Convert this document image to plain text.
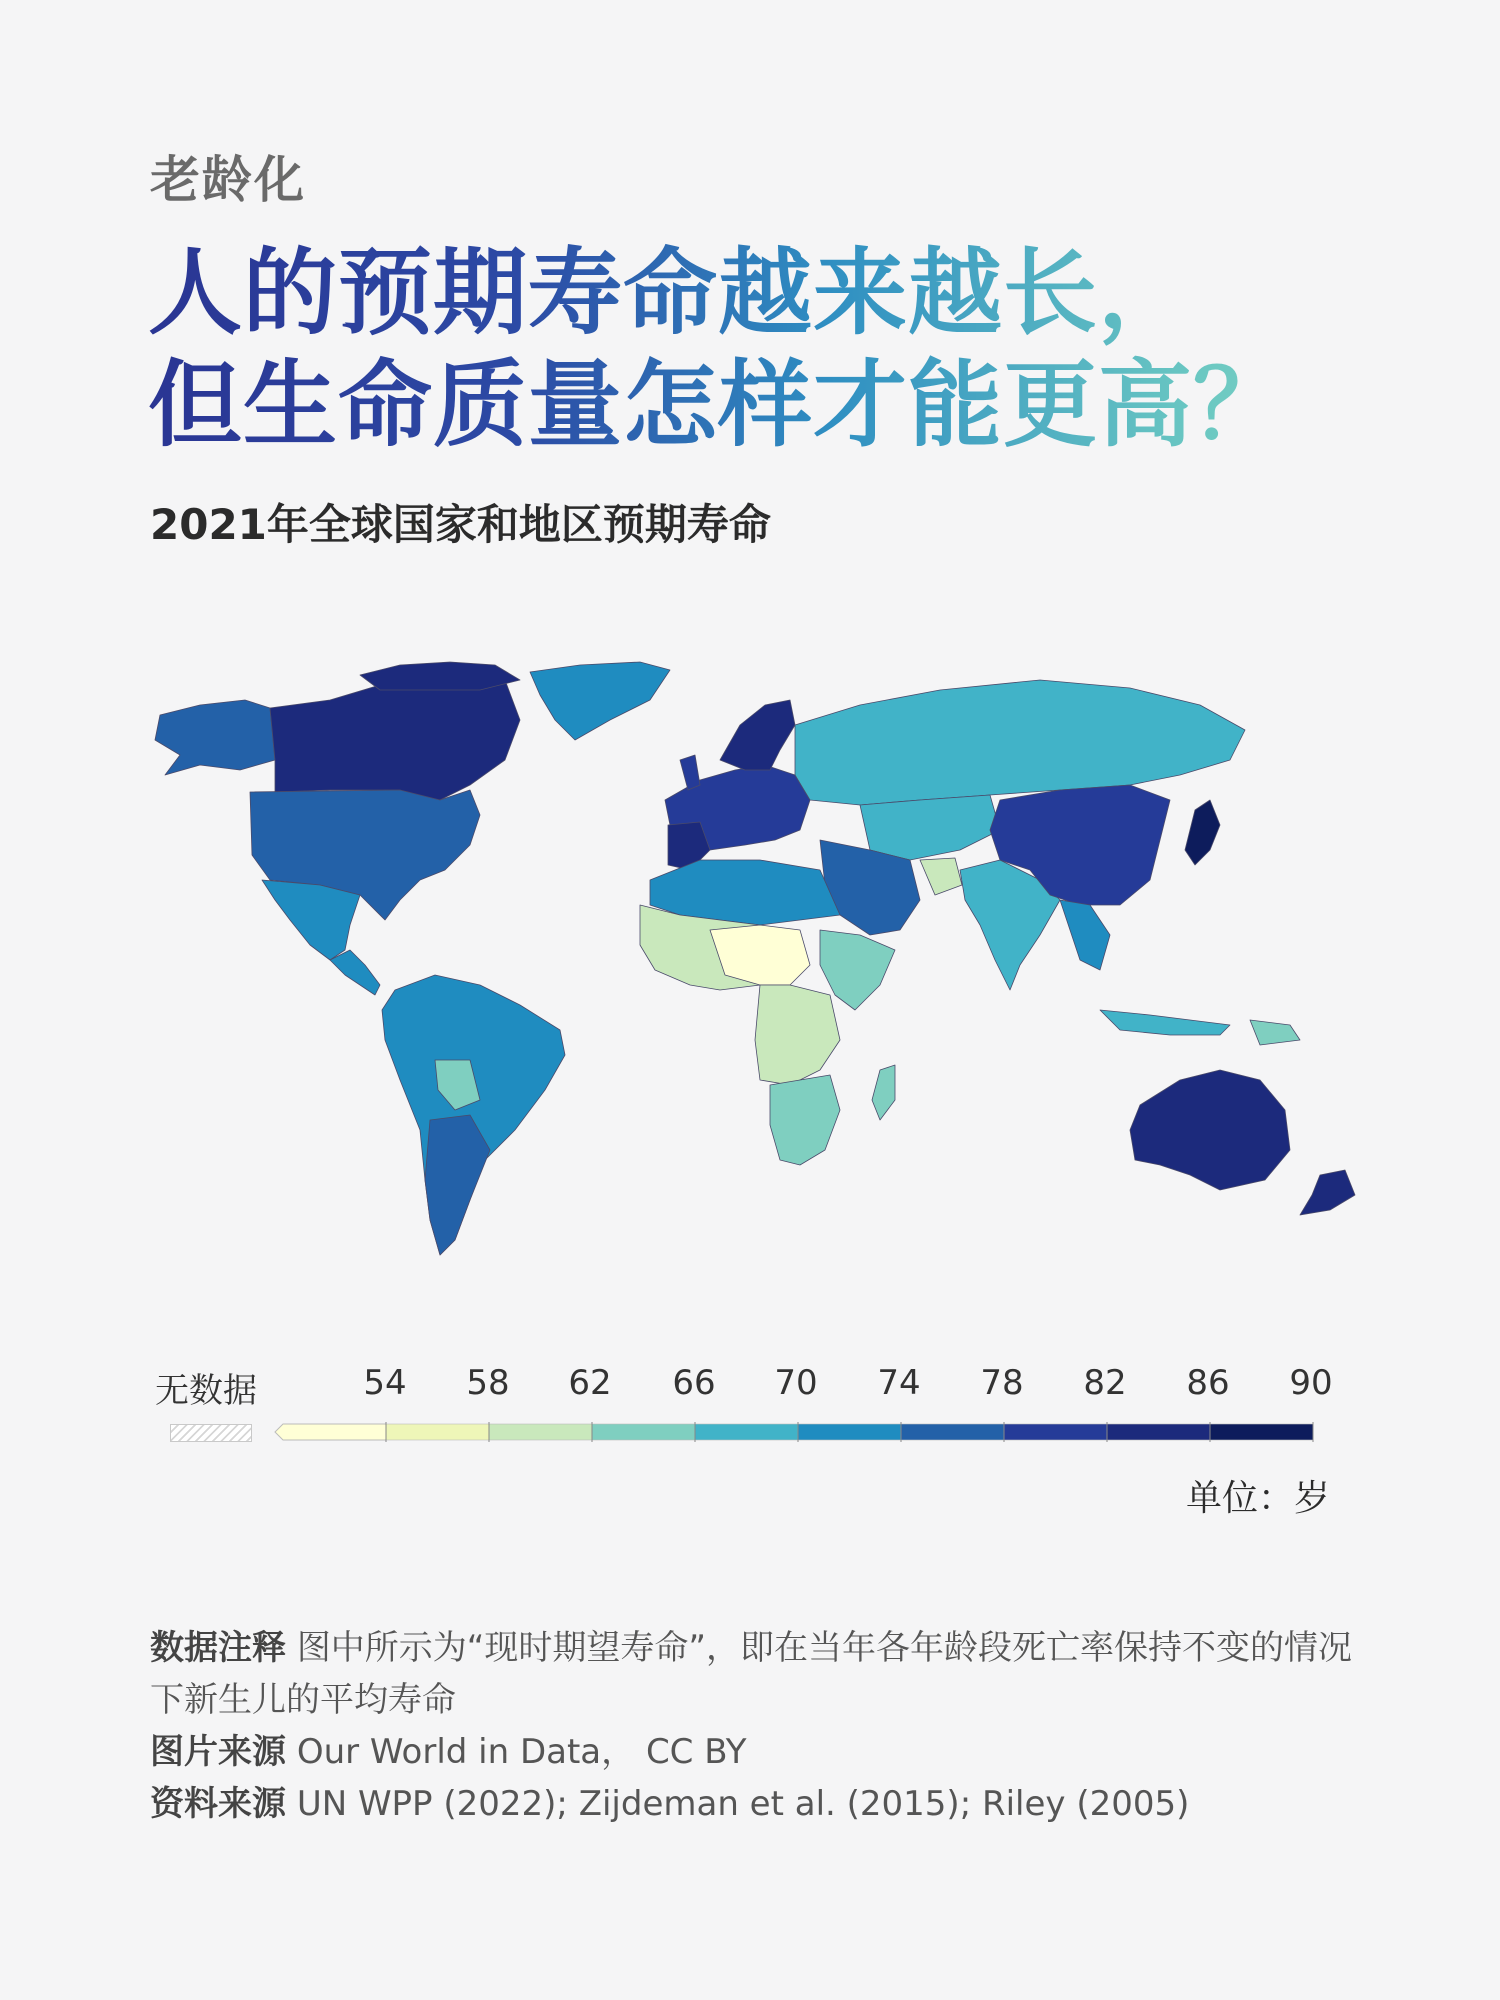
老龄化
人的预期寿命越来越长，
但生命质量怎样才能更高？
2021年全球国家和地区预期寿命
无数据	54 58 62 66 70 74 78 82 86 90
单位：岁
数据注释 图中所示为“现时期望寿命”，即在当年各年龄段死亡率保持不变的情况下新生儿的平均寿命
图片来源 Our World in Data， CC BY
资料来源 UN WPP (2022); Zijdeman et al. (2015); Riley (2005)
